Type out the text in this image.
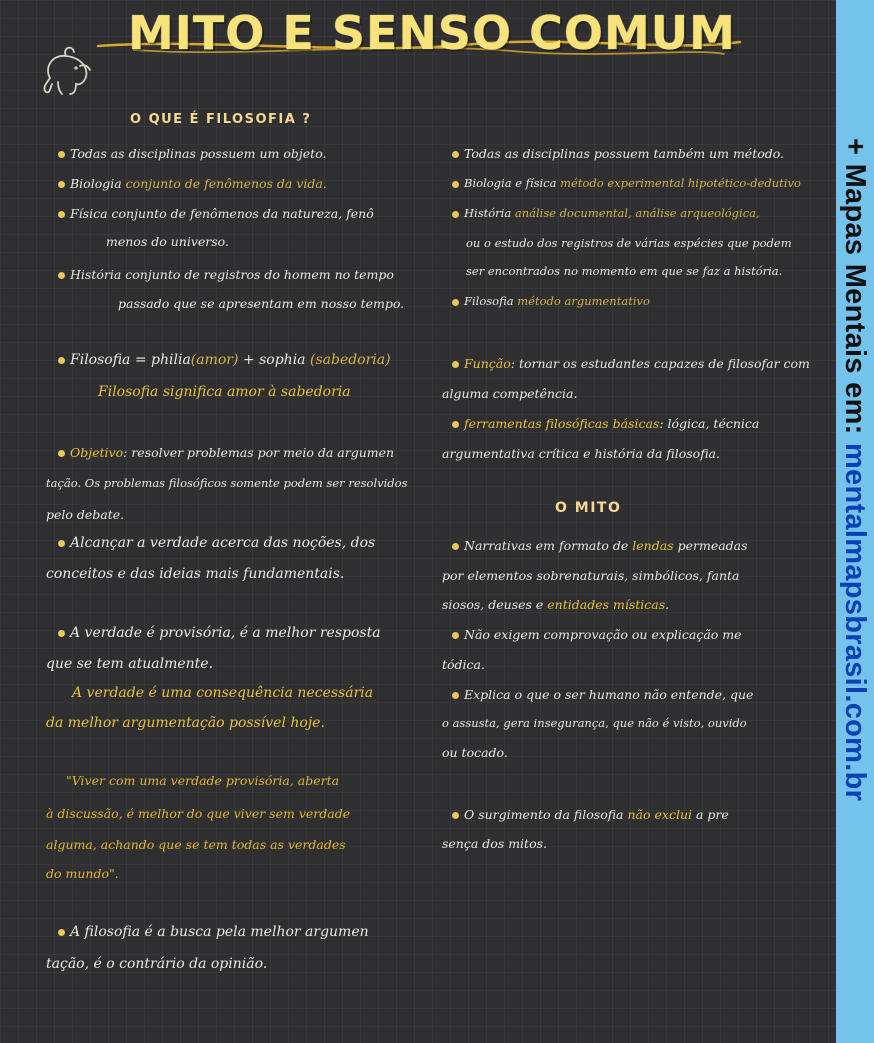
MITO E SENSO COMUM
O QUE É FILOSOFIA ?
Todas as disciplinas possuem um objeto.
Biologia conjunto de fenômenos da vida.
Física conjunto de fenômenos da natureza, fenô
menos do universo.
História conjunto de registros do homem no tempo
passado que se apresentam em nosso tempo.
Filosofia = philia(amor) + sophia (sabedoria)
Filosofia significa amor à sabedoria
Objetivo: resolver problemas por meio da argumen
tação. Os problemas filosóficos somente podem ser resolvidos
pelo debate.
Alcançar a verdade acerca das noções, dos
conceitos e das ideias mais fundamentais.
A verdade é provisória, é a melhor resposta
que se tem atualmente.
A verdade é uma consequência necessária
da melhor argumentação possível hoje.
"Viver com uma verdade provisória, aberta
à discussão, é melhor do que viver sem verdade
alguma, achando que se tem todas as verdades
do mundo".
A filosofia é a busca pela melhor argumen
tação, é o contrário da opinião.
Todas as disciplinas possuem também um método.
Biologia e física método experimental hipotético-dedutivo
História análise documental, análise arqueológica,
ou o estudo dos registros de várias espécies que podem
ser encontrados no momento em que se faz a história.
Filosofia método argumentativo
Função: tornar os estudantes capazes de filosofar com
alguma competência.
ferramentas filosóficas básicas: lógica, técnica
argumentativa crítica e história da filosofia.
O MITO
Narrativas em formato de lendas permeadas
por elementos sobrenaturais, simbólicos, fanta
siosos, deuses e entidades místicas.
Não exigem comprovação ou explicação me
tódica.
Explica o que o ser humano não entende, que
o assusta, gera insegurança, que não é visto, ouvido
ou tocado.
O surgimento da filosofia não exclui a pre
sença dos mitos.
+ Mapas Mentais em: mentalmapsbrasil.com.br
